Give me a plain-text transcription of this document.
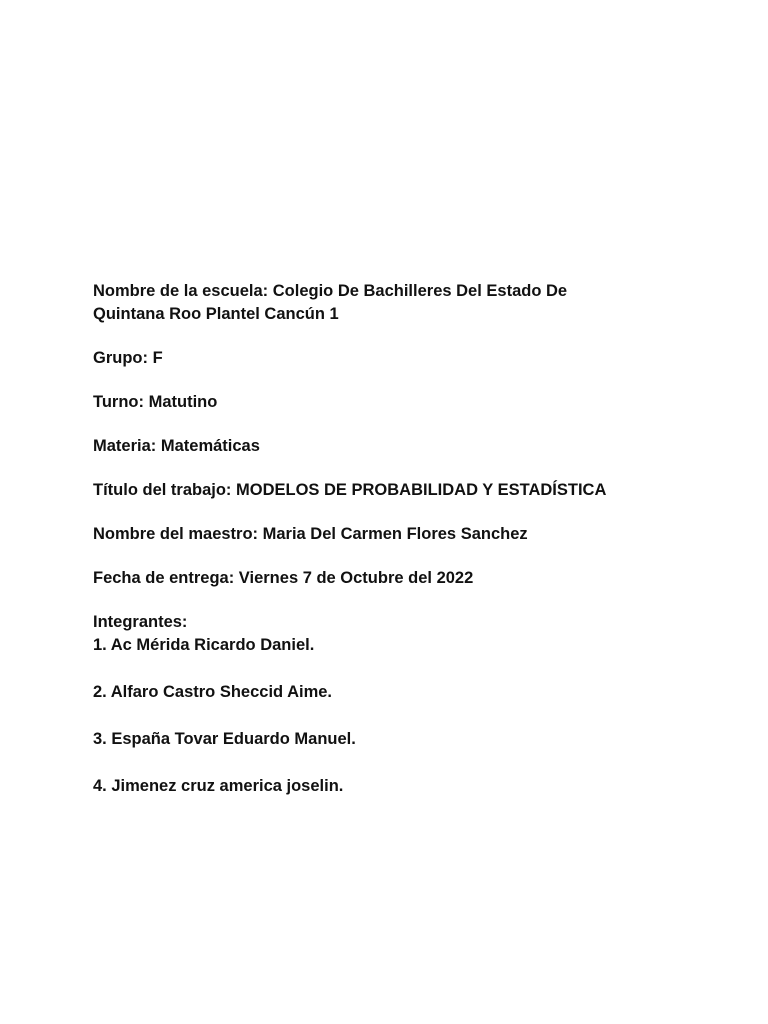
Nombre de la escuela: Colegio De Bachilleres Del Estado De
Quintana Roo Plantel Cancún 1
Grupo: F
Turno: Matutino
Materia: Matemáticas
Título del trabajo: MODELOS DE PROBABILIDAD Y ESTADÍSTICA
Nombre del maestro: Maria Del Carmen Flores Sanchez
Fecha de entrega: Viernes 7 de Octubre del 2022
Integrantes:
1. Ac Mérida Ricardo Daniel.
2. Alfaro Castro Sheccid Aime.
3. España Tovar Eduardo Manuel.
4. Jimenez cruz america joselin.
